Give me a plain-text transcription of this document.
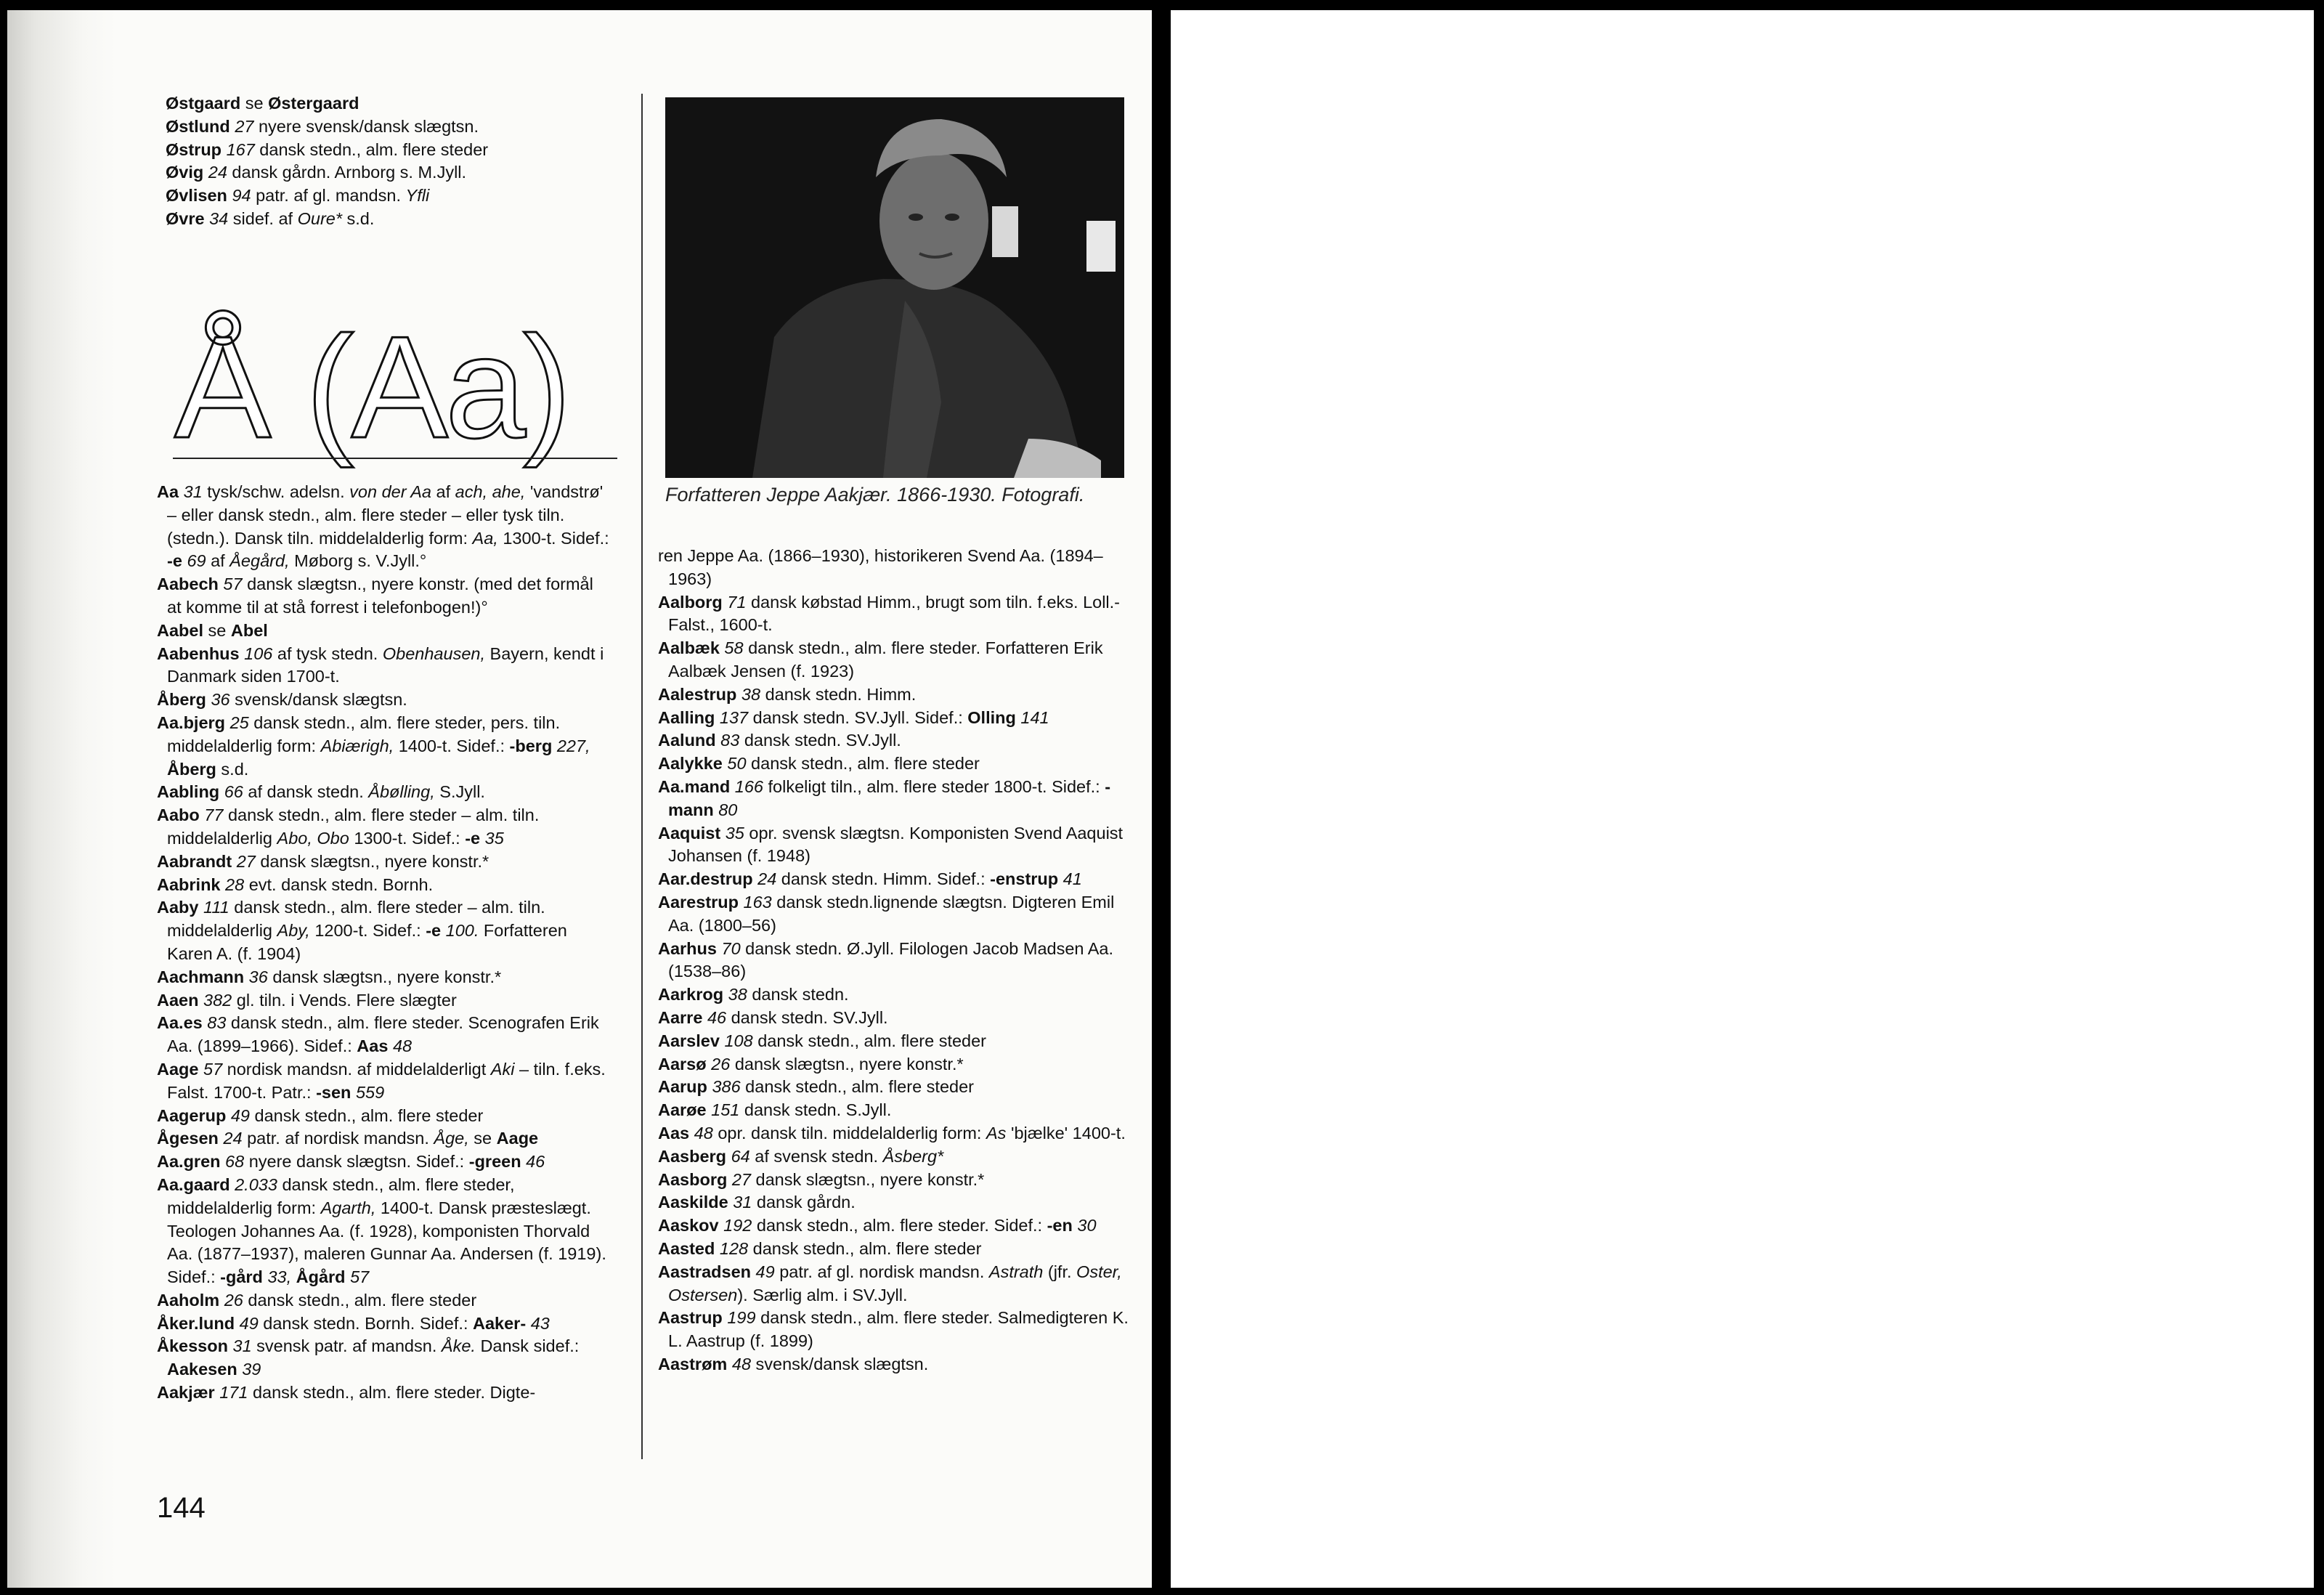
Østgaard se Østergaard
Østlund 27 nyere svensk/dansk slægtsn.
Østrup 167 dansk stedn., alm. flere steder
Øvig 24 dansk gårdn. Arnborg s. M.Jyll.
Øvlisen 94 patr. af gl. mandsn. Yfli
Øvre 34 sidef. af Oure* s.d.
Aa 31 tysk/schw. adelsn. von der Aa af ach, ahe, 'vandstrø' – eller dansk stedn., alm. flere steder – eller tysk tiln. (stedn.). Dansk tiln. middelalderlig form: Aa, 1300-t. Sidef.: -e 69 af Åegård, Møborg s. V.Jyll.°
Aabech 57 dansk slægtsn., nyere konstr. (med det formål at komme til at stå forrest i telefonbogen!)°
Aabel se Abel
Aabenhus 106 af tysk stedn. Obenhausen, Bayern, kendt i Danmark siden 1700-t.
Åberg 36 svensk/dansk slægtsn.
Aa.bjerg 25 dansk stedn., alm. flere steder, pers. tiln. middelalderlig form: Abiærigh, 1400-t. Sidef.: -berg 227, Åberg s.d.
Aabling 66 af dansk stedn. Åbølling, S.Jyll.
Aabo 77 dansk stedn., alm. flere steder – alm. tiln. middelalderlig Abo, Obo 1300-t. Sidef.: -e 35
Aabrandt 27 dansk slægtsn., nyere konstr.*
Aabrink 28 evt. dansk stedn. Bornh.
Aaby 111 dansk stedn., alm. flere steder – alm. tiln. middelalderlig Aby, 1200-t. Sidef.: -e 100. Forfatteren Karen A. (f. 1904)
Aachmann 36 dansk slægtsn., nyere konstr.*
Aaen 382 gl. tiln. i Vends. Flere slægter
Aa.es 83 dansk stedn., alm. flere steder. Scenografen Erik Aa. (1899–1966). Sidef.: Aas 48
Aage 57 nordisk mandsn. af middelalderligt Aki – tiln. f.eks. Falst. 1700-t. Patr.: -sen 559
Aagerup 49 dansk stedn., alm. flere steder
Ågesen 24 patr. af nordisk mandsn. Åge, se Aage
Aa.gren 68 nyere dansk slægtsn. Sidef.: -green 46
Aa.gaard 2.033 dansk stedn., alm. flere steder, middelalderlig form: Agarth, 1400-t. Dansk præsteslægt. Teologen Johannes Aa. (f. 1928), komponisten Thorvald Aa. (1877–1937), maleren Gunnar Aa. Andersen (f. 1919). Sidef.: -gård 33, Ågård 57
Aaholm 26 dansk stedn., alm. flere steder
Åker.lund 49 dansk stedn. Bornh. Sidef.: Aaker- 43
Åkesson 31 svensk patr. af mandsn. Åke. Dansk sidef.: Aakesen 39
Aakjær 171 dansk stedn., alm. flere steder. Digte-
Å (Aa)
Forfatteren Jeppe Aakjær. 1866-1930. Fotografi.
ren Jeppe Aa. (1866–1930), historikeren Svend Aa. (1894–1963)
Aalborg 71 dansk købstad Himm., brugt som tiln. f.eks. Loll.-Falst., 1600-t.
Aalbæk 58 dansk stedn., alm. flere steder. Forfatteren Erik Aalbæk Jensen (f. 1923)
Aalestrup 38 dansk stedn. Himm.
Aalling 137 dansk stedn. SV.Jyll. Sidef.: Olling 141
Aalund 83 dansk stedn. SV.Jyll.
Aalykke 50 dansk stedn., alm. flere steder
Aa.mand 166 folkeligt tiln., alm. flere steder 1800-t. Sidef.: -mann 80
Aaquist 35 opr. svensk slægtsn. Komponisten Svend Aaquist Johansen (f. 1948)
Aar.destrup 24 dansk stedn. Himm. Sidef.: -enstrup 41
Aarestrup 163 dansk stedn.lignende slægtsn. Digteren Emil Aa. (1800–56)
Aarhus 70 dansk stedn. Ø.Jyll. Filologen Jacob Madsen Aa. (1538–86)
Aarkrog 38 dansk stedn.
Aarre 46 dansk stedn. SV.Jyll.
Aarslev 108 dansk stedn., alm. flere steder
Aarsø 26 dansk slægtsn., nyere konstr.*
Aarup 386 dansk stedn., alm. flere steder
Aarøe 151 dansk stedn. S.Jyll.
Aas 48 opr. dansk tiln. middelalderlig form: As 'bjælke' 1400-t.
Aasberg 64 af svensk stedn. Åsberg*
Aasborg 27 dansk slægtsn., nyere konstr.*
Aaskilde 31 dansk gårdn.
Aaskov 192 dansk stedn., alm. flere steder. Sidef.: -en 30
Aasted 128 dansk stedn., alm. flere steder
Aastradsen 49 patr. af gl. nordisk mandsn. Astrath (jfr. Oster, Ostersen). Særlig alm. i SV.Jyll.
Aastrup 199 dansk stedn., alm. flere steder. Salmedigteren K. L. Aastrup (f. 1899)
Aastrøm 48 svensk/dansk slægtsn.
144
